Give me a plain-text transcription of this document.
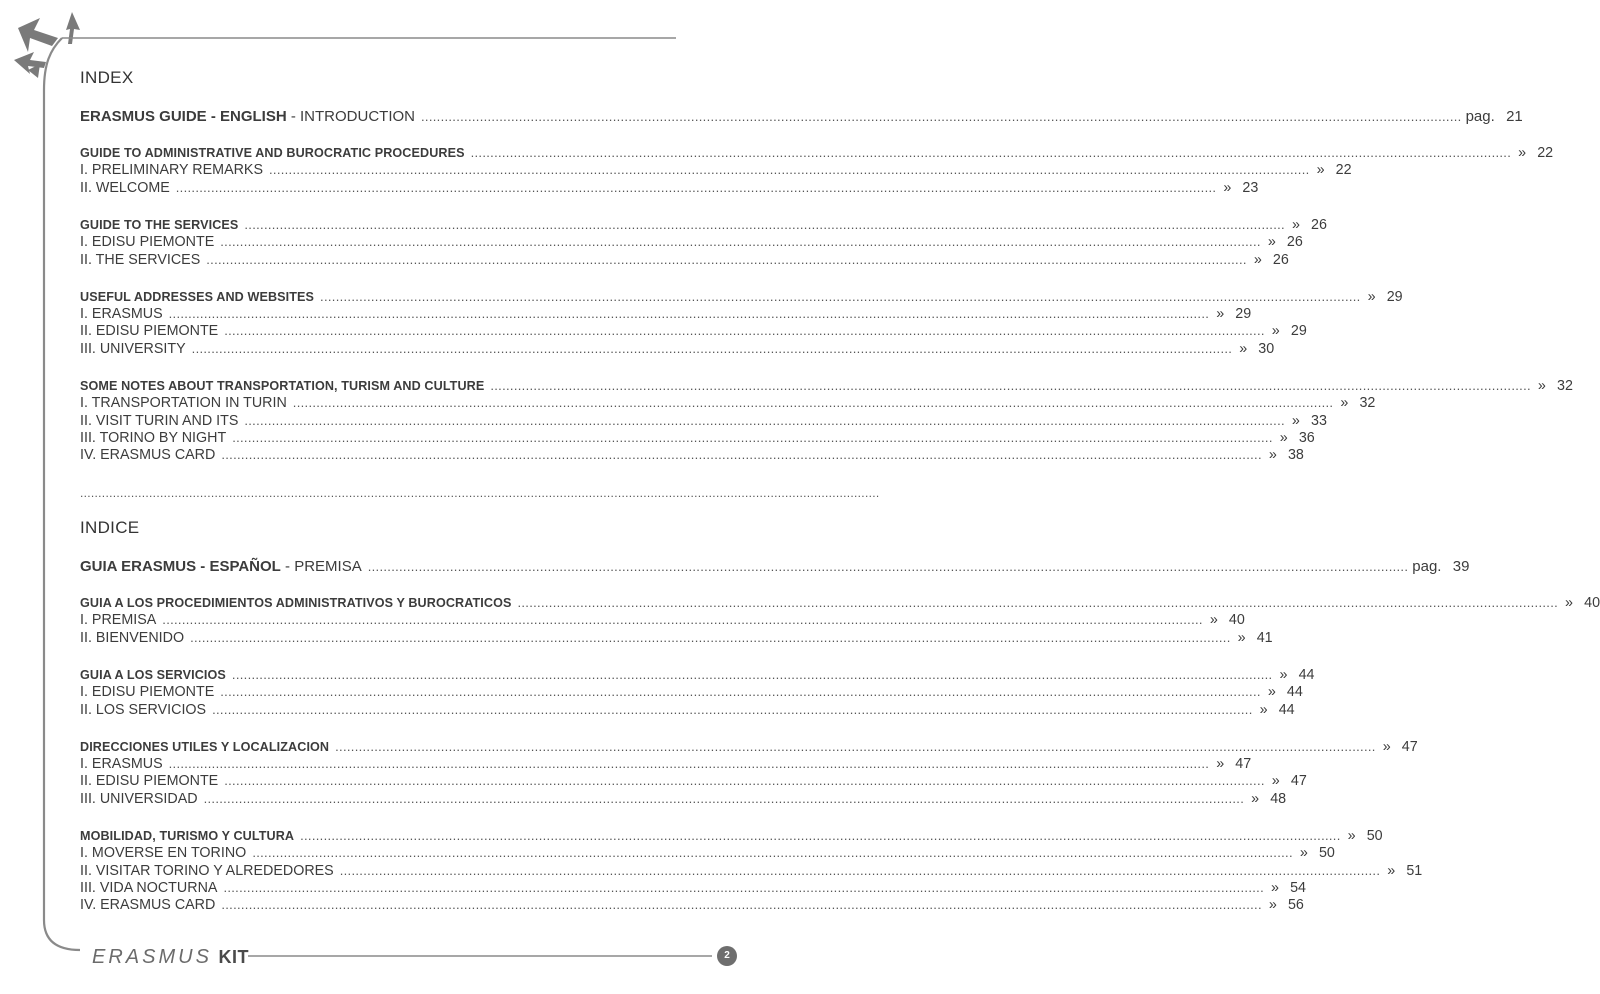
INDEX
ERASMUS GUIDE - ENGLISH - INTRODUCTION .....	pag. 21
GUIDE TO ADMINISTRATIVE AND BUROCRATIC PROCEDURES .....	» 22
I. PRELIMINARY REMARKS .....	» 22
II. WELCOME .....	» 23
GUIDE TO THE SERVICES .....	» 26
I. EDISU PIEMONTE .....	» 26
II. THE SERVICES .....	» 26
USEFUL ADDRESSES AND WEBSITES .....	» 29
I. ERASMUS .....	» 29
II. EDISU PIEMONTE .....	» 29
III. UNIVERSITY .....	» 30
SOME NOTES ABOUT TRANSPORTATION, TURISM AND CULTURE .....	» 32
I. TRANSPORTATION IN TURIN .....	» 32
II. VISIT TURIN AND ITS .....	» 33
III. TORINO BY NIGHT .....	» 36
IV. ERASMUS CARD .....	» 38
............................................................................................................................................................................................................................
INDICE
GUIA ERASMUS - ESPAÑOL - PREMISA .....	pag. 39
GUIA A LOS PROCEDIMIENTOS ADMINISTRATIVOS Y BUROCRATICOS .....	» 40
I. PREMISA .....	» 40
II. BIENVENIDO .....	» 41
GUIA A LOS SERVICIOS .....	» 44
I. EDISU PIEMONTE .....	» 44
II. LOS SERVICIOS .....	» 44
DIRECCIONES UTILES Y LOCALIZACION .....	» 47
I. ERASMUS .....	» 47
II. EDISU PIEMONTE .....	» 47
III. UNIVERSIDAD .....	» 48
MOBILIDAD, TURISMO Y CULTURA .....	» 50
I. MOVERSE EN TORINO .....	» 50
II. VISITAR TORINO Y ALREDEDORES .....	» 51
III. VIDA NOCTURNA .....	» 54
IV. ERASMUS CARD .....	» 56
ERASMUS KIT	2
